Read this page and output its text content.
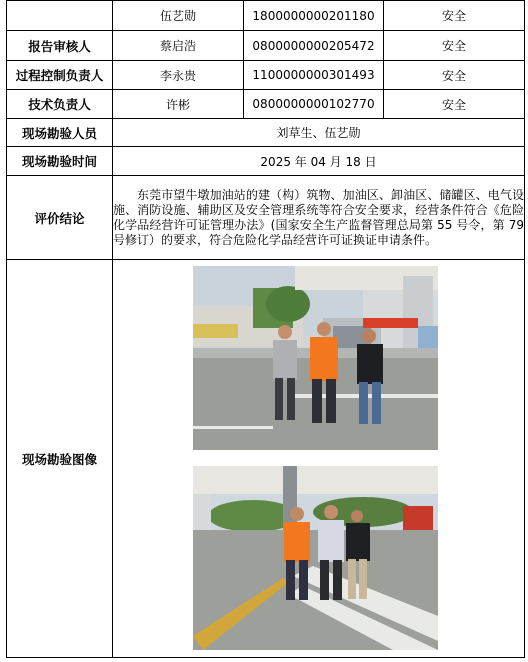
	伍艺勋	1800000000201180	安全
报告审核人	蔡启浩	0800000000205472	安全
过程控制负责人	李永贵	1100000000301493	安全
技术负责人	许彬	0800000000102770	安全
现场勘验人员	刘草生、伍艺勋		
现场勘验时间	2025 年 04 月 18 日		
评价结论	东莞市望牛墩加油站的建（构）筑物、加油区、卸油区、储罐区、电气设施、消防设施、辅助区及安全管理系统等符合安全要求，经营条件符合《危险化学品经营许可证管理办法》(国家安全生产监督管理总局第 55 号令，第 79 号修订）的要求，符合危险化学品经营许可证换证申请条件。		

现场勘验图像	
